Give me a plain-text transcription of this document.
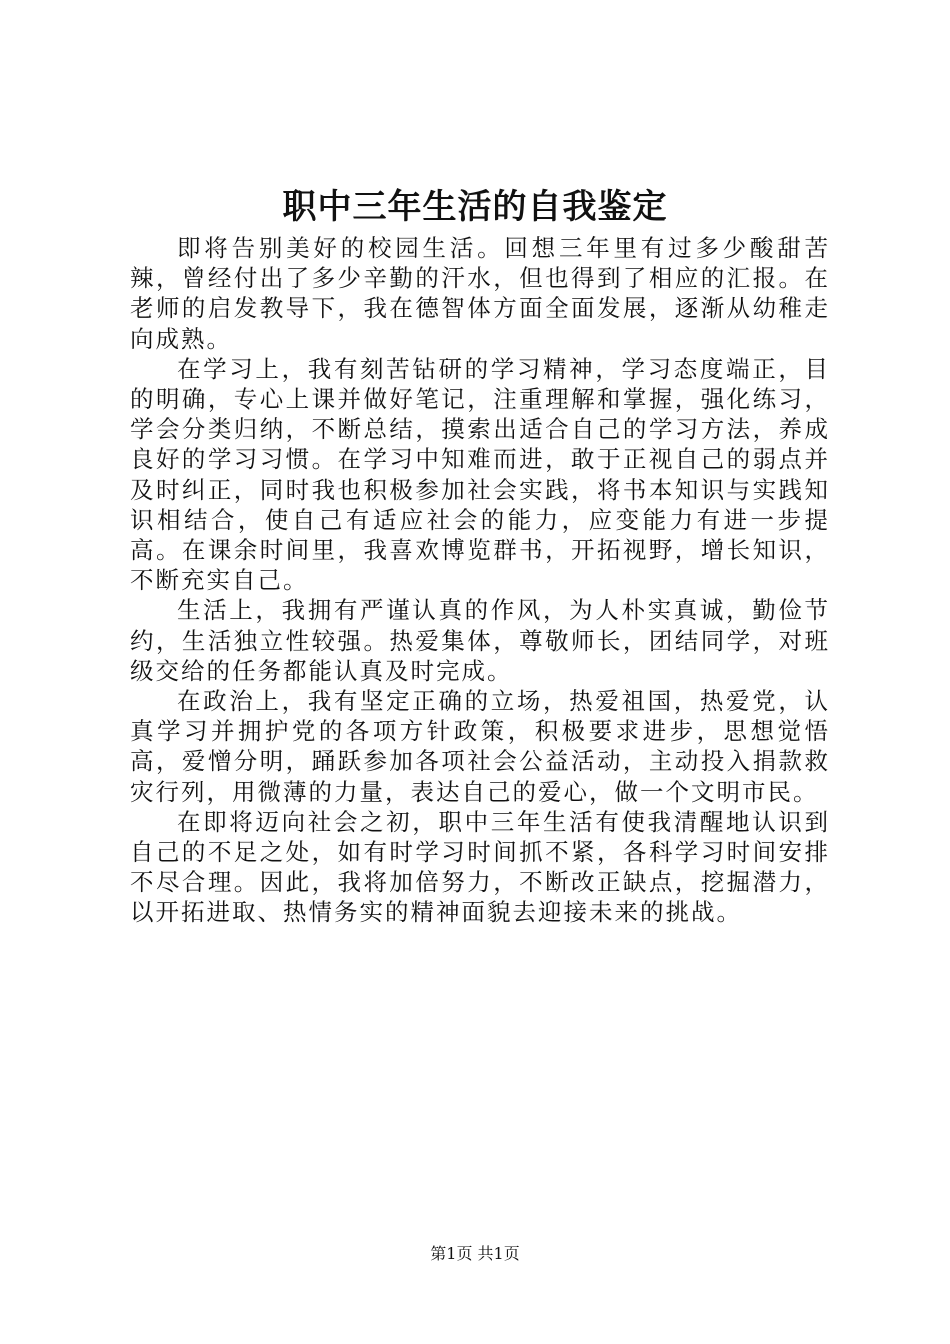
职中三年生活的自我鉴定

即将告别美好的校园生活。回想三年里有过多少酸甜苦辣，曾经付出了多少辛勤的汗水，但也得到了相应的汇报。在老师的启发教导下，我在德智体方面全面发展，逐渐从幼稚走向成熟。

在学习上，我有刻苦钻研的学习精神，学习态度端正，目的明确，专心上课并做好笔记，注重理解和掌握，强化练习，学会分类归纳，不断总结，摸索出适合自己的学习方法，养成良好的学习习惯。在学习中知难而进，敢于正视自己的弱点并及时纠正，同时我也积极参加社会实践，将书本知识与实践知识相结合，使自己有适应社会的能力，应变能力有进一步提高。在课余时间里，我喜欢博览群书，开拓视野，增长知识，不断充实自己。

生活上，我拥有严谨认真的作风，为人朴实真诚，勤俭节约，生活独立性较强。热爱集体，尊敬师长，团结同学，对班级交给的任务都能认真及时完成。

在政治上，我有坚定正确的立场，热爱祖国，热爱党，认真学习并拥护党的各项方针政策，积极要求进步，思想觉悟高，爱憎分明，踊跃参加各项社会公益活动，主动投入捐款救灾行列，用微薄的力量，表达自己的爱心，做一个文明市民。

在即将迈向社会之初，职中三年生活有使我清醒地认识到自己的不足之处，如有时学习时间抓不紧，各科学习时间安排不尽合理。因此，我将加倍努力，不断改正缺点，挖掘潜力，以开拓进取、热情务实的精神面貌去迎接未来的挑战。

第1页 共1页
